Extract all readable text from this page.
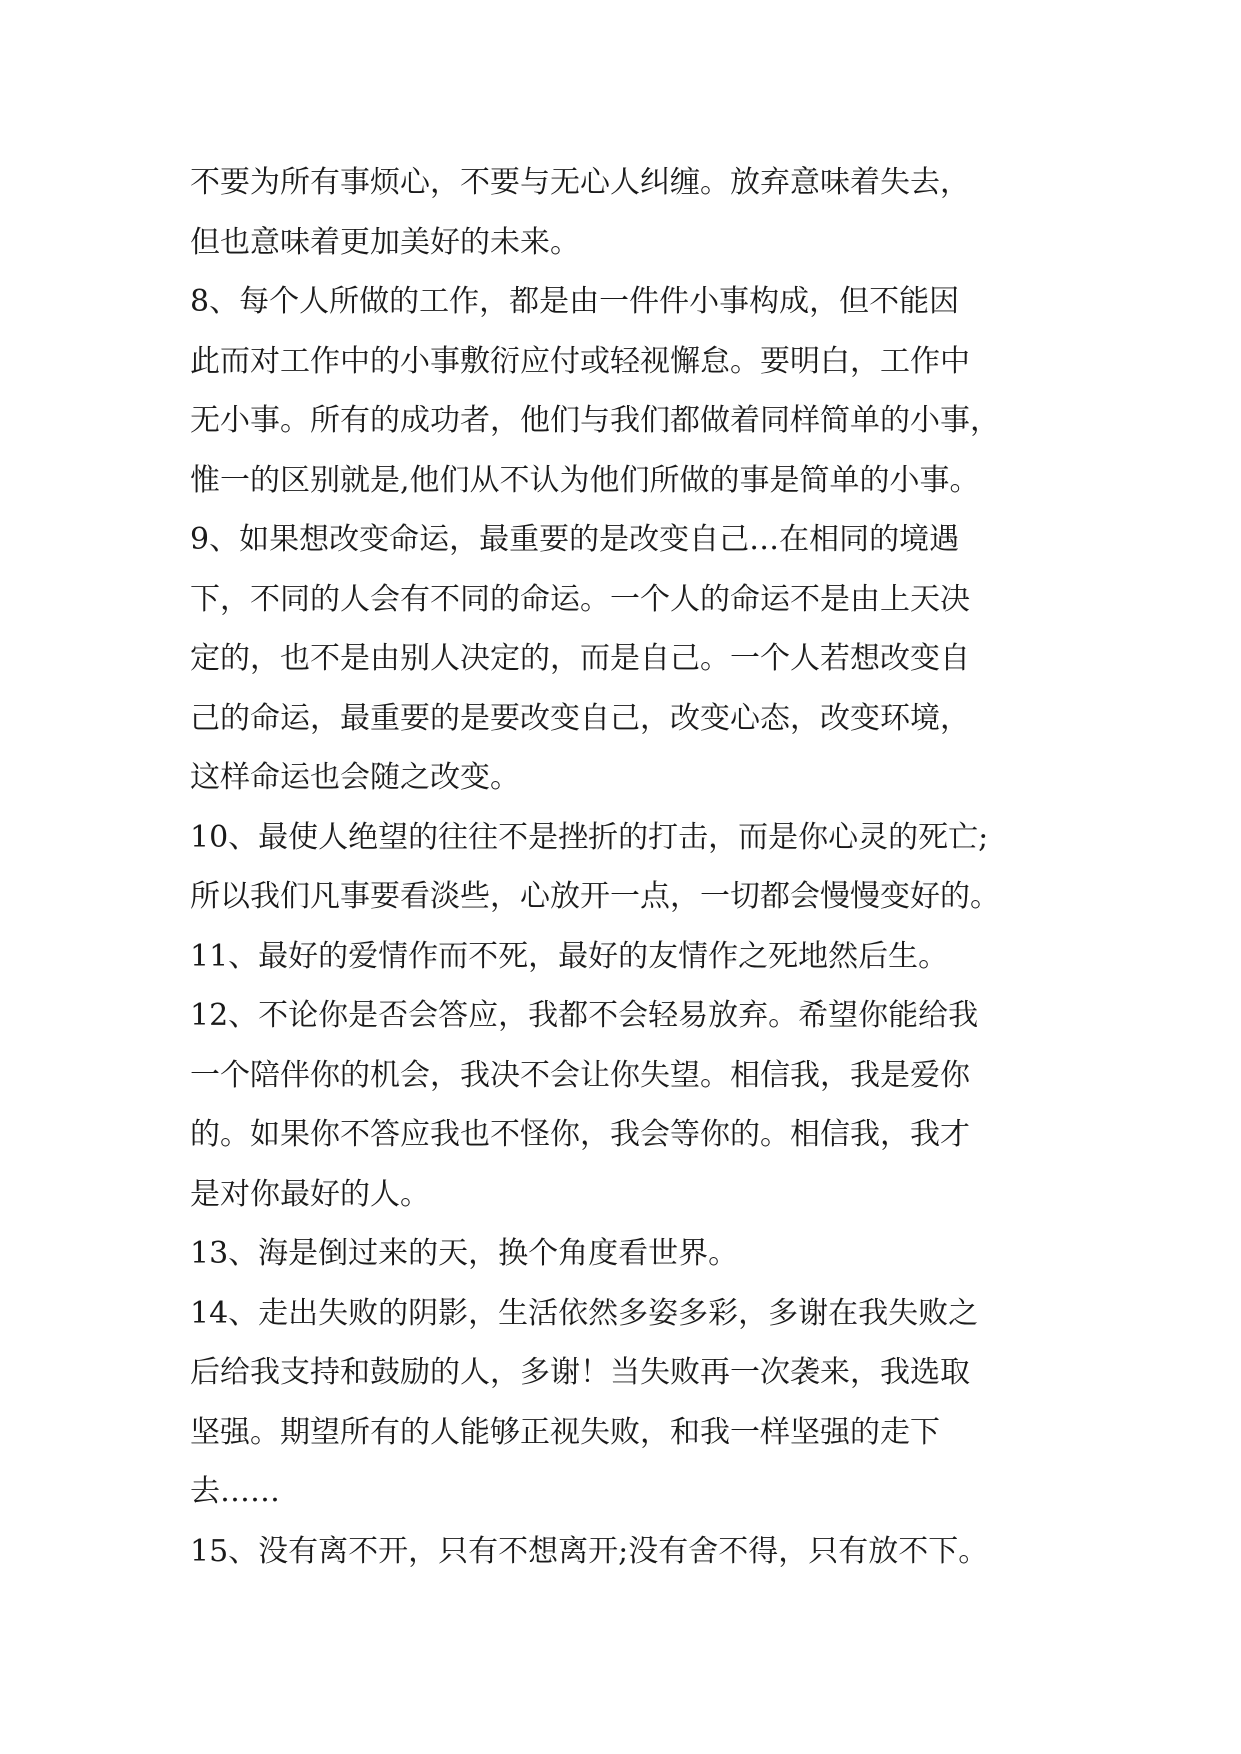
不要为所有事烦心，不要与无心人纠缠。放弃意味着失去，
但也意味着更加美好的未来。
8、每个人所做的工作，都是由一件件小事构成，但不能因
此而对工作中的小事敷衍应付或轻视懈怠。要明白，工作中
无小事。所有的成功者，他们与我们都做着同样简单的小事，
惟一的区别就是,他们从不认为他们所做的事是简单的小事。
9、如果想改变命运，最重要的是改变自己…在相同的境遇
下，不同的人会有不同的命运。一个人的命运不是由上天决
定的，也不是由别人决定的，而是自己。一个人若想改变自
己的命运，最重要的是要改变自己，改变心态，改变环境，
这样命运也会随之改变。
10、最使人绝望的往往不是挫折的打击，而是你心灵的死亡;
所以我们凡事要看淡些，心放开一点，一切都会慢慢变好的。
11、最好的爱情作而不死，最好的友情作之死地然后生。
12、不论你是否会答应，我都不会轻易放弃。希望你能给我
一个陪伴你的机会，我决不会让你失望。相信我，我是爱你
的。如果你不答应我也不怪你，我会等你的。相信我，我才
是对你最好的人。
13、海是倒过来的天，换个角度看世界。
14、走出失败的阴影，生活依然多姿多彩，多谢在我失败之
后给我支持和鼓励的人，多谢！当失败再一次袭来，我选取
坚强。期望所有的人能够正视失败，和我一样坚强的走下
去……
15、没有离不开，只有不想离开;没有舍不得，只有放不下。
